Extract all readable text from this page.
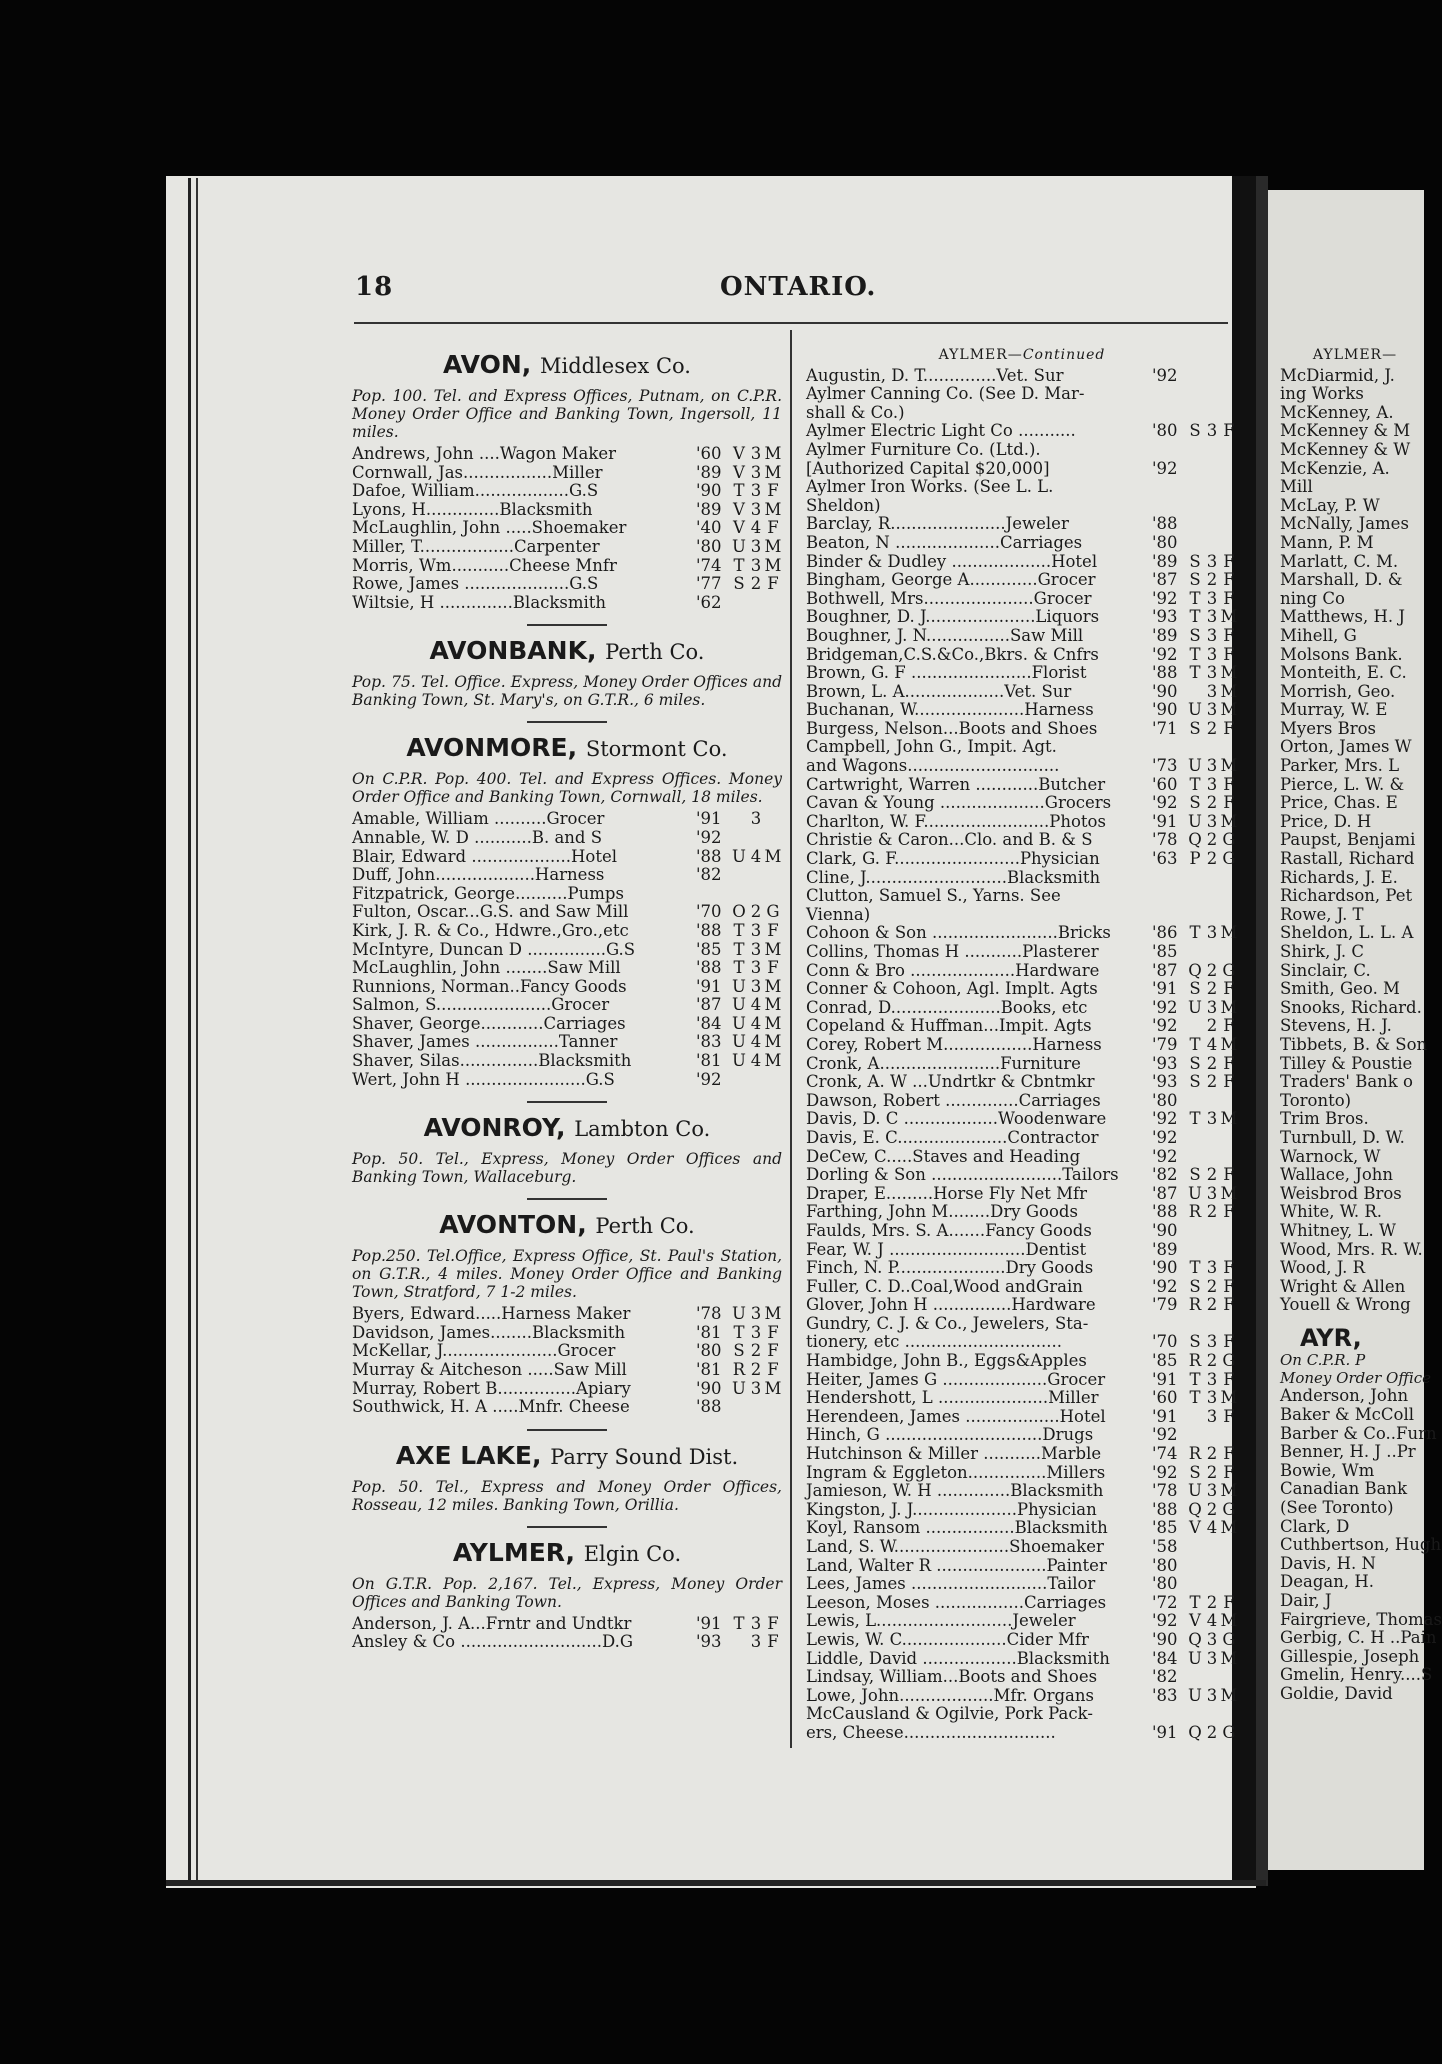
18	ONTARIO.
AVON, Middlesex Co.
Pop. 100. Tel. and Express Offices, Putnam, on C.P.R. Money Order Office and Banking Town, Ingersoll, 11 miles.
Andrews, John ....Wagon Maker	'60 V 3 M
Cornwall, Jas.................Miller	'89 V 3 M
Dafoe, William..................G.S	'90 T 3 F
Lyons, H..............Blacksmith	'89 V 3 M
McLaughlin, John .....Shoemaker	'40 V 4 F
Miller, T..................Carpenter	'80 U 3 M
Morris, Wm...........Cheese Mnfr	'74 T 3 M
Rowe, James ....................G.S	'77 S 2 F
Wiltsie, H ..............Blacksmith	'62
AVONBANK, Perth Co.
Pop. 75. Tel. Office. Express, Money Order Offices and Banking Town, St. Mary's, on G.T.R., 6 miles.
AVONMORE, Stormont Co.
On C.P.R. Pop. 400. Tel. and Express Offices. Money Order Office and Banking Town, Cornwall, 18 miles.
Amable, William ..........Grocer	'91	3
Annable, W. D ...........B. and S	'92
Blair, Edward ...................Hotel	'88 U 4 M
Duff, John...................Harness	'82
Fitzpatrick, George..........Pumps
Fulton, Oscar...G.S. and Saw Mill	'70 O 2 G
Kirk, J. R. & Co., Hdwre.,Gro.,etc	'88 T 3 F
McIntyre, Duncan D ...............G.S	'85 T 3 M
McLaughlin, John ........Saw Mill	'88 T 3 F
Runnions, Norman..Fancy Goods	'91 U 3 M
Salmon, S......................Grocer	'87 U 4 M
Shaver, George............Carriages	'84 U 4 M
Shaver, James ................Tanner	'83 U 4 M
Shaver, Silas...............Blacksmith	'81 U 4 M
Wert, John H .......................G.S	'92
AVONROY, Lambton Co.
Pop. 50. Tel., Express, Money Order Offices and Banking Town, Wallaceburg.
AVONTON, Perth Co.
Pop.250. Tel.Office, Express Office, St. Paul's Station, on G.T.R., 4 miles. Money Order Office and Banking Town, Stratford, 7 1-2 miles.
Byers, Edward.....Harness Maker	'78 U 3 M
Davidson, James........Blacksmith	'81 T 3 F
McKellar, J......................Grocer	'80 S 2 F
Murray & Aitcheson .....Saw Mill	'81 R 2 F
Murray, Robert B...............Apiary	'90 U 3 M
Southwick, H. A .....Mnfr. Cheese	'88
AXE LAKE, Parry Sound Dist.
Pop. 50. Tel., Express and Money Order Offices, Rosseau, 12 miles. Banking Town, Orillia.
AYLMER, Elgin Co.
On G.T.R. Pop. 2,167. Tel., Express, Money Order Offices and Banking Town.
Anderson, J. A...Frntr and Undtkr	'91 T 3 F
Ansley & Co ...........................D.G	'93	3 F
AYLMER—Continued
Augustin, D. T..............Vet. Sur	'92
Aylmer Canning Co. (See D. Mar-
shall & Co.)
Aylmer Electric Light Co ...........	'80 S 3 F
Aylmer Furniture Co. (Ltd.).
[Authorized Capital $20,000]	'92
Aylmer Iron Works. (See L. L.
Sheldon)
Barclay, R......................Jeweler	'88
Beaton, N ....................Carriages	'80
Binder & Dudley ...................Hotel	'89 S 3 F
Bingham, George A.............Grocer	'87 S 2 F
Bothwell, Mrs.....................Grocer	'92 T 3 F
Boughner, D. J.....................Liquors	'93 T 3 M
Boughner, J. N................Saw Mill	'89 S 3 F
Bridgeman,C.S.&Co.,Bkrs. & Cnfrs	'92 T 3 F
Brown, G. F .......................Florist	'88 T 3 M
Brown, L. A...................Vet. Sur	'90	3 M
Buchanan, W.....................Harness	'90 U 3 M
Burgess, Nelson...Boots and Shoes	'71 S 2 F
Campbell, John G., Impit. Agt.
and Wagons.............................	'73 U 3 M
Cartwright, Warren ............Butcher	'60 T 3 F
Cavan & Young ....................Grocers	'92 S 2 F
Charlton, W. F........................Photos	'91 U 3 M
Christie & Caron...Clo. and B. & S	'78 Q 2 G
Clark, G. F........................Physician	'63 P 2 G
Cline, J...........................Blacksmith
Clutton, Samuel S., Yarns. See
Vienna)
Cohoon & Son ........................Bricks	'86 T 3 M
Collins, Thomas H ...........Plasterer	'85
Conn & Bro ....................Hardware	'87 Q 2 G
Conner & Cohoon, Agl. Implt. Agts	'91 S 2 F
Conrad, D.....................Books, etc	'92 U 3 M
Copeland & Huffman...Impit. Agts	'92	2 F
Corey, Robert M.................Harness	'79 T 4 M
Cronk, A.......................Furniture	'93 S 2 F
Cronk, A. W ...Undrtkr & Cbntmkr	'93 S 2 F
Dawson, Robert ..............Carriages	'80
Davis, D. C ..................Woodenware	'92 T 3 M
Davis, E. C.....................Contractor	'92
DeCew, C.....Staves and Heading	'92
Dorling & Son .........................Tailors	'82 S 2 F
Draper, E.........Horse Fly Net Mfr	'87 U 3 M
Farthing, John M........Dry Goods	'88 R 2 F
Faulds, Mrs. S. A.......Fancy Goods	'90
Fear, W. J ..........................Dentist	'89
Finch, N. P.....................Dry Goods	'90 T 3 F
Fuller, C. D..Coal,Wood andGrain	'92 S 2 F
Glover, John H ...............Hardware	'79 R 2 F
Gundry, C. J. & Co., Jewelers, Sta-
tionery, etc ..............................	'70 S 3 F
Hambidge, John B., Eggs&Apples	'85 R 2 G
Heiter, James G ....................Grocer	'91 T 3 F
Hendershott, L .....................Miller	'60 T 3 M
Herendeen, James ..................Hotel	'91	3 F
Hinch, G ..............................Drugs	'92
Hutchinson & Miller ...........Marble	'74 R 2 F
Ingram & Eggleton...............Millers	'92 S 2 F
Jamieson, W. H ..............Blacksmith	'78 U 3 M
Kingston, J. J....................Physician	'88 Q 2 G
Koyl, Ransom .................Blacksmith	'85 V 4 M
Land, S. W......................Shoemaker	'58
Land, Walter R .....................Painter	'80
Lees, James ..........................Tailor	'80
Leeson, Moses .................Carriages	'72 T 2 F
Lewis, L..........................Jeweler	'92 V 4 M
Lewis, W. C....................Cider Mfr	'90 Q 3 G
Liddle, David ..................Blacksmith	'84 U 3 M
Lindsay, William...Boots and Shoes	'82
Lowe, John..................Mfr. Organs	'83 U 3 M
McCausland & Ogilvie, Pork Pack-
ers, Cheese.............................	'91 Q 2 G
AYLMER—
McDiarmid, J.
ing Works
McKenney, A.
McKenney & M
McKenney & W
McKenzie, A.
Mill
McLay, P. W
McNally, James
Mann, P. M
Marlatt, C. M.
Marshall, D. &
ning Co
Matthews, H. J
Mihell, G
Molsons Bank.
Monteith, E. C.
Morrish, Geo.
Murray, W. E
Myers Bros
Orton, James W
Parker, Mrs. L
Pierce, L. W. &
Price, Chas. E
Price, D. H
Paupst, Benjami
Rastall, Richard
Richards, J. E.
Richardson, Pet
Rowe, J. T
Sheldon, L. L. A
Shirk, J. C
Sinclair, C.
Smith, Geo. M
Snooks, Richard.
Stevens, H. J.
Tibbets, B. & Son
Tilley & Poustie
Traders' Bank o
Toronto)
Trim Bros.
Turnbull, D. W.
Warnock, W
Wallace, John
Weisbrod Bros
White, W. R.
Whitney, L. W
Wood, Mrs. R. W.
Wood, J. R
Wright & Allen
Youell & Wrong
AYR,
On C.P.R. P
Money Order Office
Anderson, John
Baker & McColl
Barber & Co..Furn
Benner, H. J ..Pr
Bowie, Wm
Canadian Bank
(See Toronto)
Clark, D
Cuthbertson, Hugh
Davis, H. N
Deagan, H.
Dair, J
Fairgrieve, Thomas
Gerbig, C. H ..Pain
Gillespie, Joseph
Gmelin, Henry....S
Goldie, David
